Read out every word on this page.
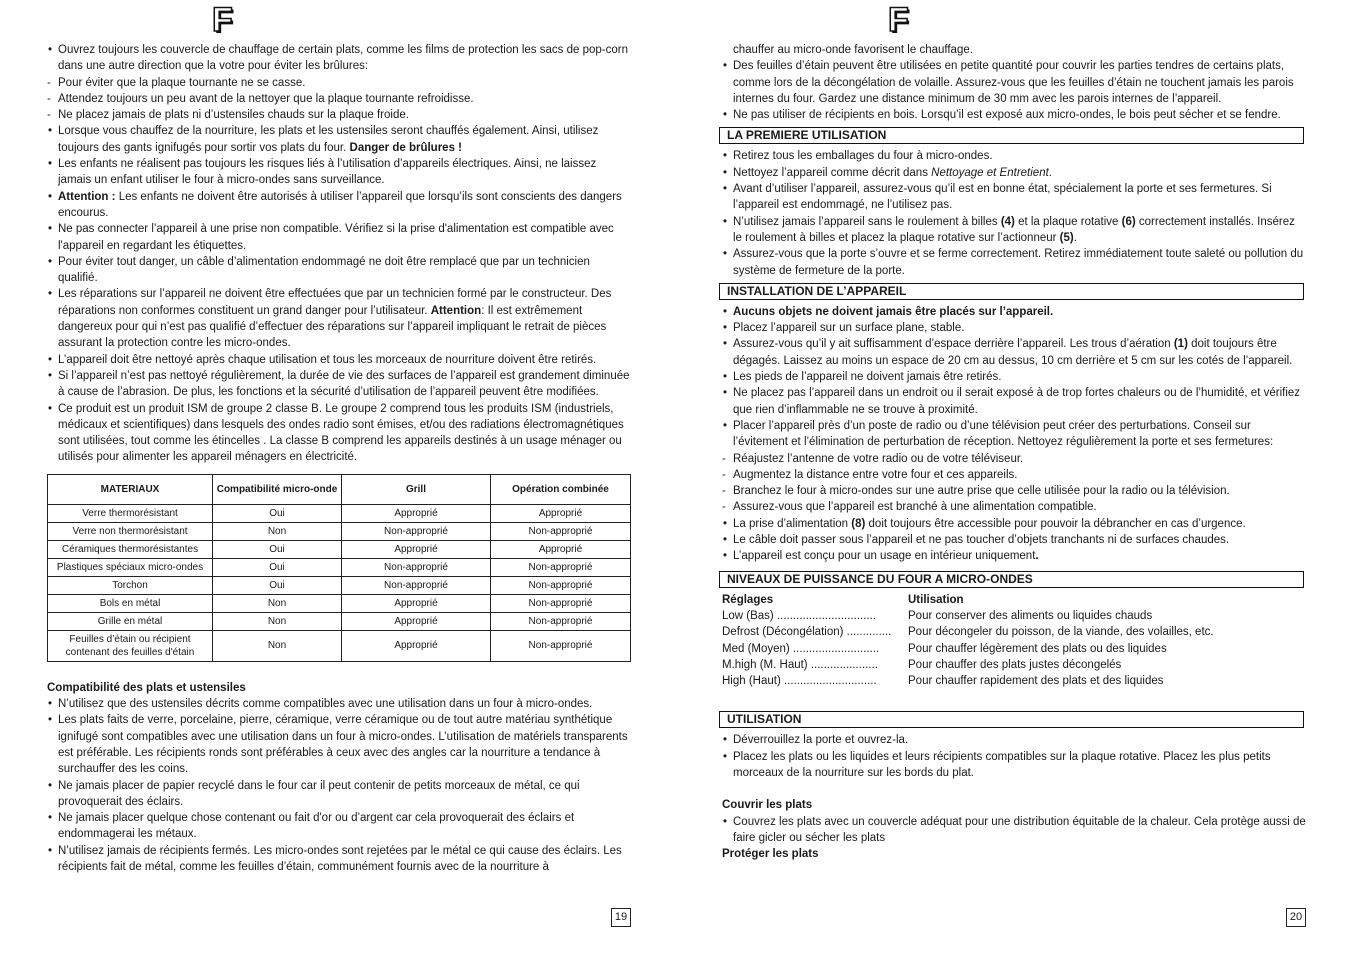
F
• Ouvrez toujours les couvercle de chauffage de certain plats, comme les films de protection les sacs de pop-corn dans une autre direction que la votre pour éviter les brûlures:
- Pour éviter que la plaque tournante ne se casse.
- Attendez toujours un peu avant de la nettoyer que la plaque tournante refroidisse.
- Ne placez jamais de plats ni d’ustensiles chauds sur la plaque froide.
• Lorsque vous chauffez de la nourriture, les plats et les ustensiles seront chauffés également. Ainsi, utilisez toujours des gants ignifugés pour sortir vos plats du four. Danger de brûlures !
• Les enfants ne réalisent pas toujours les risques liés à l’utilisation d’appareils électriques. Ainsi, ne laissez jamais un enfant utiliser le four à micro-ondes sans surveillance.
• Attention : Les enfants ne doivent être autorisés à utiliser l’appareil que lorsqu’ils sont conscients des dangers encourus.
• Ne pas connecter l’appareil à une prise non compatible. Vérifiez si la prise d'alimentation est compatible avec l'appareil en regardant les étiquettes.
• Pour éviter tout danger, un câble d’alimentation endommagé ne doit être remplacé que par un technicien qualifié.
• Les réparations sur l’appareil ne doivent être effectuées que par un technicien formé par le constructeur. Des réparations non conformes constituent un grand danger pour l’utilisateur. Attention: Il est extrêmement dangereux pour qui n’est pas qualifié d’effectuer des réparations sur l’appareil impliquant le retrait de pièces assurant la protection contre les micro-ondes.
• L’appareil doit être nettoyé après chaque utilisation et tous les morceaux de nourriture doivent être retirés.
• Si l’appareil n’est pas nettoyé régulièrement, la durée de vie des surfaces de l’appareil est grandement diminuée à cause de l’abrasion. De plus, les fonctions et la sécurité d’utilisation de l’appareil peuvent être modifiées.
• Ce produit est un produit ISM de groupe 2 classe B. Le groupe 2 comprend tous les produits ISM (industriels, médicaux et scientifiques) dans lesquels des ondes radio sont émises, et/ou des radiations électromagnétiques sont utilisées, tout comme les étincelles . La classe B comprend les appareils destinés à un usage ménager ou utilisés pour alimenter les appareil ménagers en électricité.
MATERIAUX	Compatibilité micro-onde	Grill	Opération combinée
Verre thermorésistant	Oui	Approprié	Approprié
Verre non thermorésistant	Non	Non-approprié	Non-approprié
Céramiques thermorésistantes	Oui	Approprié	Approprié
Plastiques spéciaux micro-ondes	Oui	Non-approprié	Non-approprié
Torchon	Oui	Non-approprié	Non-approprié
Bols en métal	Non	Approprié	Non-approprié
Grille en métal	Non	Approprié	Non-approprié
Feuilles d’étain ou récipient contenant des feuilles d'étain	Non	Approprié	Non-approprié
Compatibilité des plats et ustensiles
• N’utilisez que des ustensiles décrits comme compatibles avec une utilisation dans un four à micro-ondes.
• Les plats faits de verre, porcelaine, pierre, céramique, verre céramique ou de tout autre matériau synthétique ignifugé sont compatibles avec une utilisation dans un four à micro-ondes. L’utilisation de matériels transparents est préférable. Les récipients ronds sont préférables à ceux avec des angles car la nourriture a tendance à surchauffer des les coins.
• Ne jamais placer de papier recyclé dans le four car il peut contenir de petits morceaux de métal, ce qui provoquerait des éclairs.
• Ne jamais placer quelque chose contenant ou fait d'or ou d’argent car cela provoquerait des éclairs et endommagerai les métaux.
• N’utilisez jamais de récipients fermés. Les micro-ondes sont rejetées par le métal ce qui cause des éclairs. Les récipients fait de métal, comme les feuilles d’étain, communément fournis avec de la nourriture à
19
F
chauffer au micro-onde favorisent le chauffage.
• Des feuilles d’étain peuvent être utilisées en petite quantité pour couvrir les parties tendres de certains plats, comme lors de la décongélation de volaille. Assurez-vous que les feuilles d’étain ne touchent jamais les parois internes du four. Gardez une distance minimum de 30 mm avec les parois internes de l’appareil.
• Ne pas utiliser de récipients en bois. Lorsqu’il est exposé aux micro-ondes, le bois peut sécher et se fendre.
LA PREMIERE UTILISATION
• Retirez tous les emballages du four à micro-ondes.
• Nettoyez l’appareil comme décrit dans Nettoyage et Entretient.
• Avant d’utiliser l’appareil, assurez-vous qu’il est en bonne état, spécialement la porte et ses fermetures. Si l’appareil est endommagé, ne l’utilisez pas.
• N’utilisez jamais l’appareil sans le roulement à billes (4) et la plaque rotative (6) correctement installés. Insérez le roulement à billes et placez la plaque rotative sur l’actionneur (5).
• Assurez-vous que la porte s’ouvre et se ferme correctement. Retirez immédiatement toute saleté ou pollution du système de fermeture de la porte.
INSTALLATION DE L’APPAREIL
• Aucuns objets ne doivent jamais être placés sur l’appareil.
• Placez l’appareil sur un surface plane, stable.
• Assurez-vous qu’il y ait suffisamment d’espace derrière l’appareil. Les trous d’aération (1) doit toujours être dégagés. Laissez au moins un espace de 20 cm au dessus, 10 cm derrière et 5 cm sur les cotés de l’appareil.
• Les pieds de l’appareil ne doivent jamais être retirés.
• Ne placez pas l’appareil dans un endroit ou il serait exposé à de trop fortes chaleurs ou de l’humidité, et vérifiez que rien d’inflammable ne se trouve à proximité.
• Placer l’appareil près d’un poste de radio ou d’une télévision peut créer des perturbations. Conseil sur l’évitement et l’élimination de perturbation de réception. Nettoyez régulièrement la porte et ses fermetures:
- Réajustez l’antenne de votre radio ou de votre téléviseur.
- Augmentez la distance entre votre four et ces appareils.
- Branchez le four à micro-ondes sur une autre prise que celle utilisée pour la radio ou la télévision.
- Assurez-vous que l’appareil est branché à une alimentation compatible.
• La prise d’alimentation (8) doit toujours être accessible pour pouvoir la débrancher en cas d’urgence.
• Le câble doit passer sous l’appareil et ne pas toucher d’objets tranchants ni de surfaces chaudes.
• L’appareil est conçu pour un usage en intérieur uniquement.
NIVEAUX DE PUISSANCE DU FOUR A MICRO-ONDES
Réglages	Utilisation
Low (Bas) ...............................	Pour conserver des aliments ou liquides chauds
Defrost (Décongélation) ..............	Pour décongeler du poisson, de la viande, des volailles, etc.
Med (Moyen) ...........................	Pour chauffer légèrement des plats ou des liquides
M.high (M. Haut) .....................	Pour chauffer des plats justes décongelés
High (Haut) .............................	Pour chauffer rapidement des plats et des liquides
UTILISATION
• Déverrouillez la porte et ouvrez-la.
• Placez les plats ou les liquides et leurs récipients compatibles sur la plaque rotative. Placez les plus petits morceaux de la nourriture sur les bords du plat.
Couvrir les plats
• Couvrez les plats avec un couvercle adéquat pour une distribution équitable de la chaleur. Cela protège aussi de faire gicler ou sécher les plats
Protéger les plats
20
